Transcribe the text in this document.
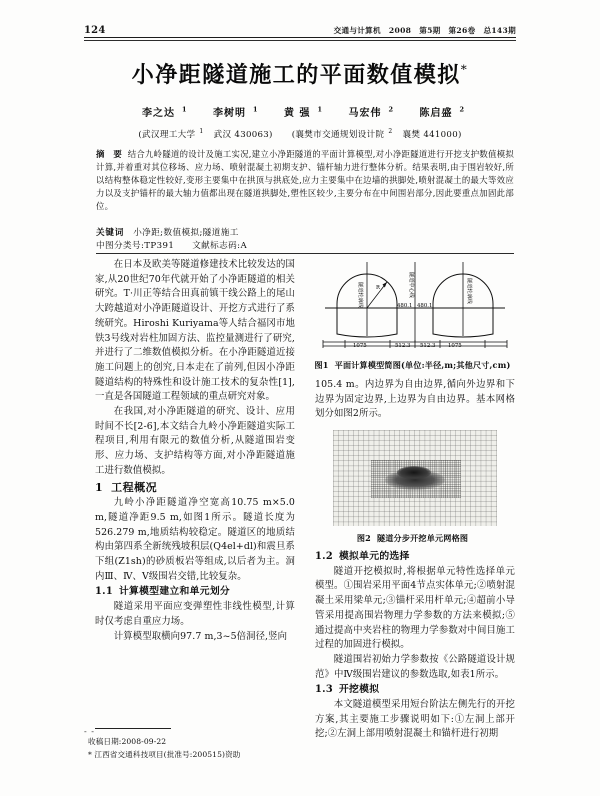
124	交通与计算机 2008 第5期 第26卷 总143期
小净距隧道施工的平面数值模拟*
李之达 $^1$	李树明 $^1$	黄 强 $^1$	马宏伟 $^2$	陈启盛 $^2$
(武汉理工大学 $^1$ 武汉 430063) (襄樊市交通规划设计院 $^2$ 襄樊 441000)
摘 要 结合九岭隧道的设计及施工实况,建立小净距隧道的平面计算模型,对小净距隧道进行开挖支护数值模拟计算,并着重对其位移场、应力场、喷射混凝土初期支护、锚杆轴力进行整体分析。结果表明,由于围岩较好,所以结构整体稳定性较好,变形主要集中在拱顶与拱底处,应力主要集中在边墙的拱脚处,喷射混凝土的最大等效应力以及支护锚杆的最大轴力值都出现在隧道拱脚处,塑性区较少,主要分布在中间围岩部分,因此要重点加固此部位。
关键词 小净距;数值模拟;隧道施工
中图分类号:TP391 文献标志码:A

在日本及欧美等隧道修建技术比较发达的国家,从20世纪70年代就开始了小净距隧道的相关研究。T·川正等结合田真前镇干线公路上的尾山大跨越道对小净距隧道设计、开挖方式进行了系统研究。Hiroshi Kuriyama等人结合福冈市地铁3号线对岩柱加固方法、监控量测进行了研究,并进行了二维数值模拟分析。在小净距隧道近接施工问题上的创究,日本走在了前列,但因小净距隧道结构的特殊性和设计施工技术的复杂性[1],一直是各国隧道工程领域的重点研究对象。

在我国,对小净距隧道的研究、设计、应用时间不长[2-6],本文结合九岭小净距隧道实际工程项目,利用有限元的数值分析,从隧道围岩变形、应力场、支护结构等方面,对小净距隧道施工进行数值模拟。

1 工程概况

九岭小净距隧道净空宽高10.75 m×5.0 m,隧道净距9.5 m,如图1所示。隧道长度为526.279 m,地质结构较稳定。隧道区的地质结构由第四系全新统残坡积层(Q4el+dl)和震旦系下组(Z1sh)的砂质板岩等组成,以后者为主。洞内Ⅲ、Ⅳ、Ⅴ级围岩交错,比较复杂。

1.1 计算模型建立和单元划分

隧道采用平面应变弹塑性非线性模型,计算时仅考虑自重应力场。

计算模型取横向97.7 m,3~5倍洞径,竖向

- -
收稿日期:2008-09-22
* 江西省交通科技项目(批准号:200515)资助
R
隧道轮廓线	隧道中心线	隧道轮廓线
480.1 480.1
1075	512.3 512.3 1075
图1 平面计算模型简图(单位:半径,m;其他尺寸,cm)

105.4 m。内边界为自由边界,循向外边界和下边界为固定边界,上边界为自由边界。基本网格划分如图2所示。

图2 隧道分步开挖单元网格图
1.2 模拟单元的选择

隧道开挖模拟时,将根据单元特性选择单元模型。①围岩采用平面4节点实体单元;②喷射混凝土采用梁单元;③锚杆采用杆单元;④超前小导管采用提高围岩物理力学参数的方法来模拟;⑤通过提高中夹岩柱的物理力学参数对中间目施工过程的加固进行模拟。

隧道围岩初始力学参数按《公路隧道设计规范》中Ⅳ级围岩建议的参数选取,如表1所示。

1.3 开挖模拟

本文隧道模型采用短台阶法左侧先行的开挖方案,其主要施工步骤说明如下:①左洞上部开挖;②左洞上部用喷射混凝土和锚杆进行初期
